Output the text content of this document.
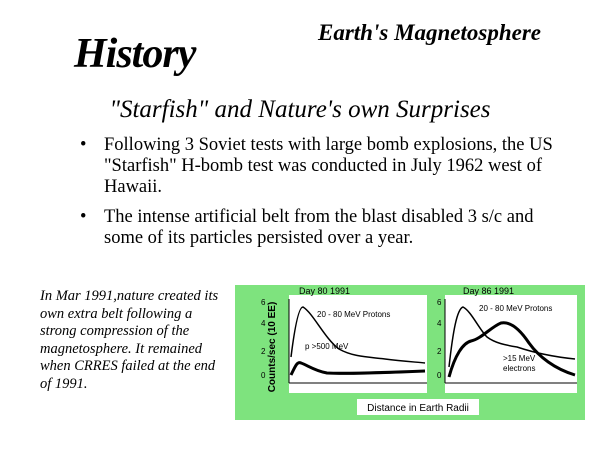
Earth's Magnetosphere
History
"Starfish" and Nature's own Surprises
• Following 3 Soviet tests with large bomb explosions, the US "Starfish" H-bomb test was conducted in July 1962 west of Hawaii.
• The intense artificial belt from the blast disabled 3 s/c and some of its particles persisted over a year.
In Mar 1991,nature created its own extra belt following a strong compression of the magnetosphere. It remained when CRRES failed at the end of 1991.	Counts/sec (10 EE)
Day 80 1991
6
4
2
0
20 - 80 MeV Protons
p >500 MeV
Day 86 1991
6
4
2
0
20 - 80 MeV Protons
>15 MeV
electrons
Distance in Earth Radii
